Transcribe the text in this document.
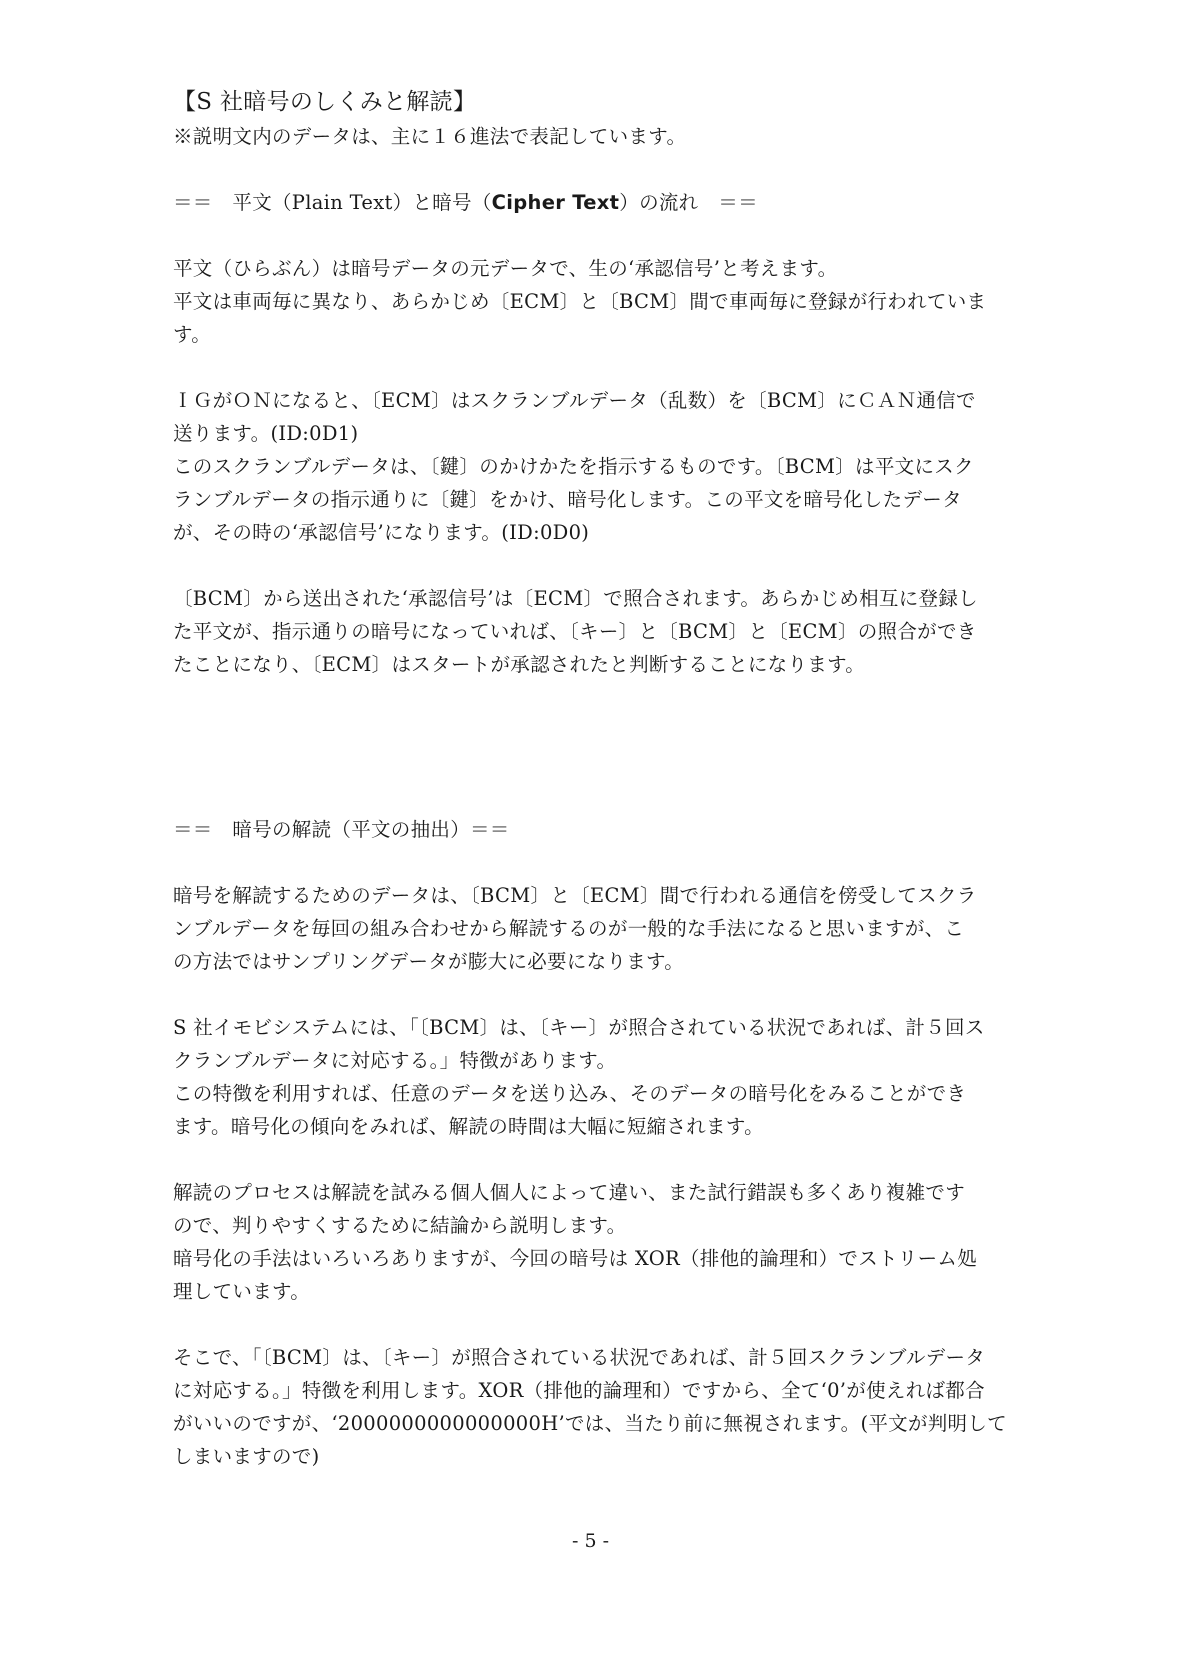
【S 社暗号のしくみと解読】
※説明文内のデータは、主に１６進法で表記しています。
＝＝　平文（Plain Text）と暗号（Cipher Text）の流れ　＝＝
平文（ひらぶん）は暗号データの元データで、生の‘承認信号’と考えます。
平文は車両毎に異なり、あらかじめ〔ECM〕と〔BCM〕間で車両毎に登録が行われていま
す。
ＩＧがＯＮになると、〔ECM〕はスクランブルデータ（乱数）を〔BCM〕にＣＡＮ通信で
送ります。(ID:0D1)
このスクランブルデータは、〔鍵〕のかけかたを指示するものです。〔BCM〕は平文にスク
ランブルデータの指示通りに〔鍵〕をかけ、暗号化します。この平文を暗号化したデータ
が、その時の‘承認信号’になります。(ID:0D0)
〔BCM〕から送出された‘承認信号’は〔ECM〕で照合されます。あらかじめ相互に登録し
た平文が、指示通りの暗号になっていれば、〔キー〕と〔BCM〕と〔ECM〕の照合ができ
たことになり、〔ECM〕はスタートが承認されたと判断することになります。
＝＝　暗号の解読（平文の抽出）＝＝
暗号を解読するためのデータは、〔BCM〕と〔ECM〕間で行われる通信を傍受してスクラ
ンブルデータを毎回の組み合わせから解読するのが一般的な手法になると思いますが、こ
の方法ではサンプリングデータが膨大に必要になります。
S 社イモビシステムには、「〔BCM〕は、〔キー〕が照合されている状況であれば、計５回ス
クランブルデータに対応する。」特徴があります。
この特徴を利用すれば、任意のデータを送り込み、そのデータの暗号化をみることができ
ます。暗号化の傾向をみれば、解読の時間は大幅に短縮されます。
解読のプロセスは解読を試みる個人個人によって違い、また試行錯誤も多くあり複雑です
ので、判りやすくするために結論から説明します。
暗号化の手法はいろいろありますが、今回の暗号は XOR（排他的論理和）でストリーム処
理しています。
そこで、「〔BCM〕は、〔キー〕が照合されている状況であれば、計５回スクランブルデータ
に対応する。」特徴を利用します。XOR（排他的論理和）ですから、全て‘0’が使えれば都合
がいいのですが、‘2000000000000000H’では、当たり前に無視されます。(平文が判明して
しまいますので)
- 5 -
